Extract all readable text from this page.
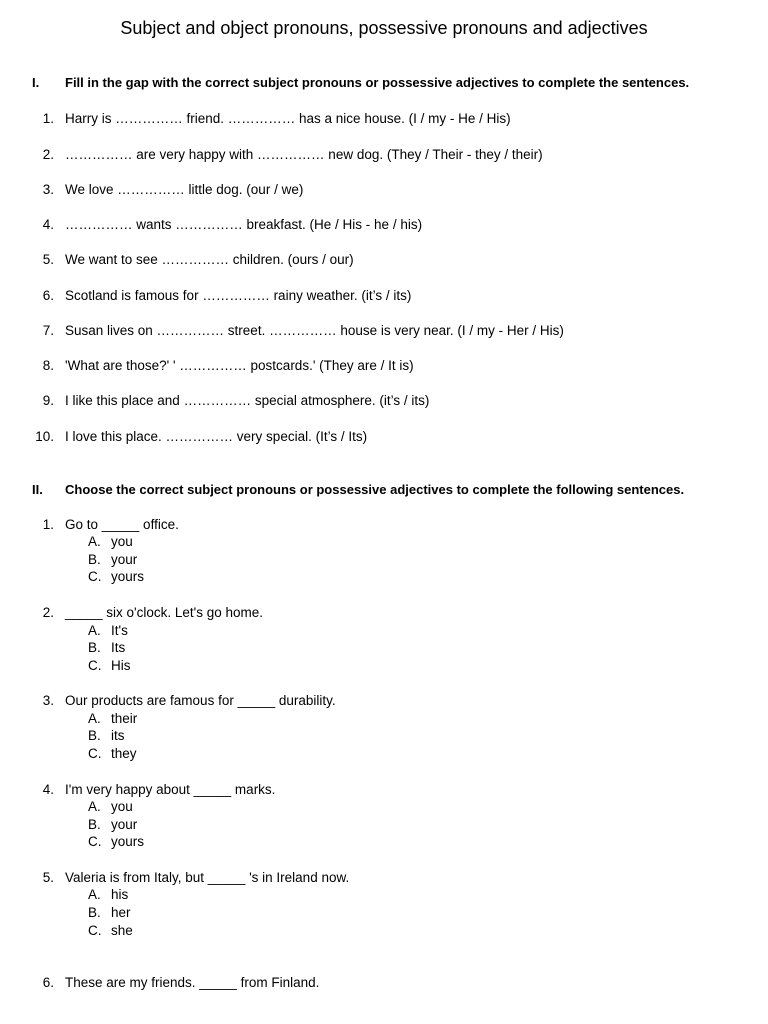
Subject and object pronouns, possessive pronouns and adjectives
I. Fill in the gap with the correct subject pronouns or possessive adjectives to complete the sentences.
1. Harry is …………… friend. …………… has a nice house. (I / my - He / His)
2. …………… are very happy with …………… new dog. (They / Their - they / their)
3. We love …………… little dog. (our / we)
4. …………… wants …………… breakfast. (He / His - he / his)
5. We want to see …………… children. (ours / our)
6. Scotland is famous for …………… rainy weather. (it’s / its)
7. Susan lives on …………… street. …………… house is very near. (I / my - Her / His)
8. 'What are those?' ' …………… postcards.' (They are / It is)
9. I like this place and …………… special atmosphere. (it’s / its)
10. I love this place. …………… very special. (It’s / Its)
II. Choose the correct subject pronouns or possessive adjectives to complete the following sentences.
1. Go to _____ office.
A. you
B. your
C. yours
2. _____ six o'clock. Let's go home.
A. It's
B. Its
C. His
3. Our products are famous for _____ durability.
A. their
B. its
C. they
4. I'm very happy about _____ marks.
A. you
B. your
C. yours
5. Valeria is from Italy, but _____ 's in Ireland now.
A. his
B. her
C. she
6. These are my friends. _____ from Finland.
